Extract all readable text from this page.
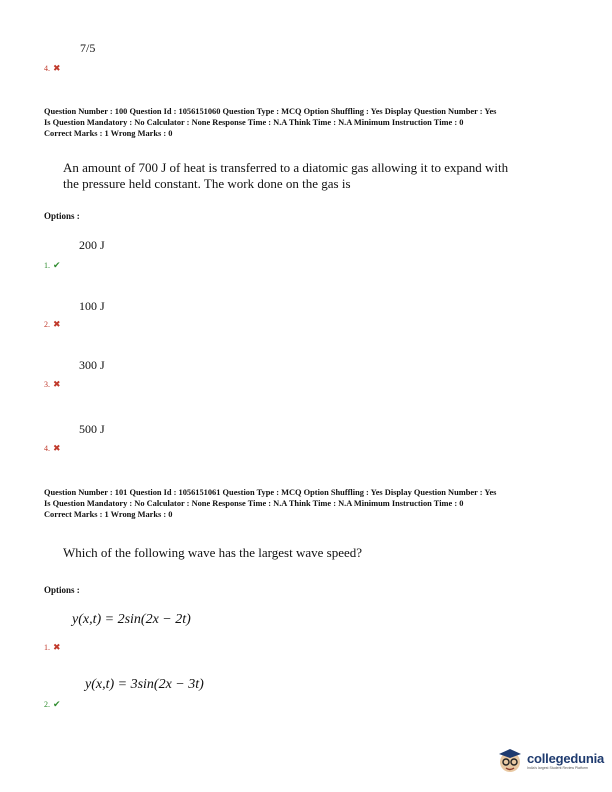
7/5
4. ✖
Question Number : 100 Question Id : 1056151060 Question Type : MCQ Option Shuffling : Yes Display Question Number : Yes
Is Question Mandatory : No Calculator : None Response Time : N.A Think Time : N.A Minimum Instruction Time : 0
Correct Marks : 1 Wrong Marks : 0
An amount of 700 J of heat is transferred to a diatomic gas allowing it to expand with
the pressure held constant. The work done on the gas is
Options :
200 J
1. ✔
100 J
2. ✖
300 J
3. ✖
500 J
4. ✖
Question Number : 101 Question Id : 1056151061 Question Type : MCQ Option Shuffling : Yes Display Question Number : Yes
Is Question Mandatory : No Calculator : None Response Time : N.A Think Time : N.A Minimum Instruction Time : 0
Correct Marks : 1 Wrong Marks : 0
Which of the following wave has the largest wave speed?
Options :
y(x,t) = 2sin(2x − 2t)
1. ✖
y(x,t) = 3sin(2x − 3t)
2. ✔
collegedunia
India's largest Student Review Platform
